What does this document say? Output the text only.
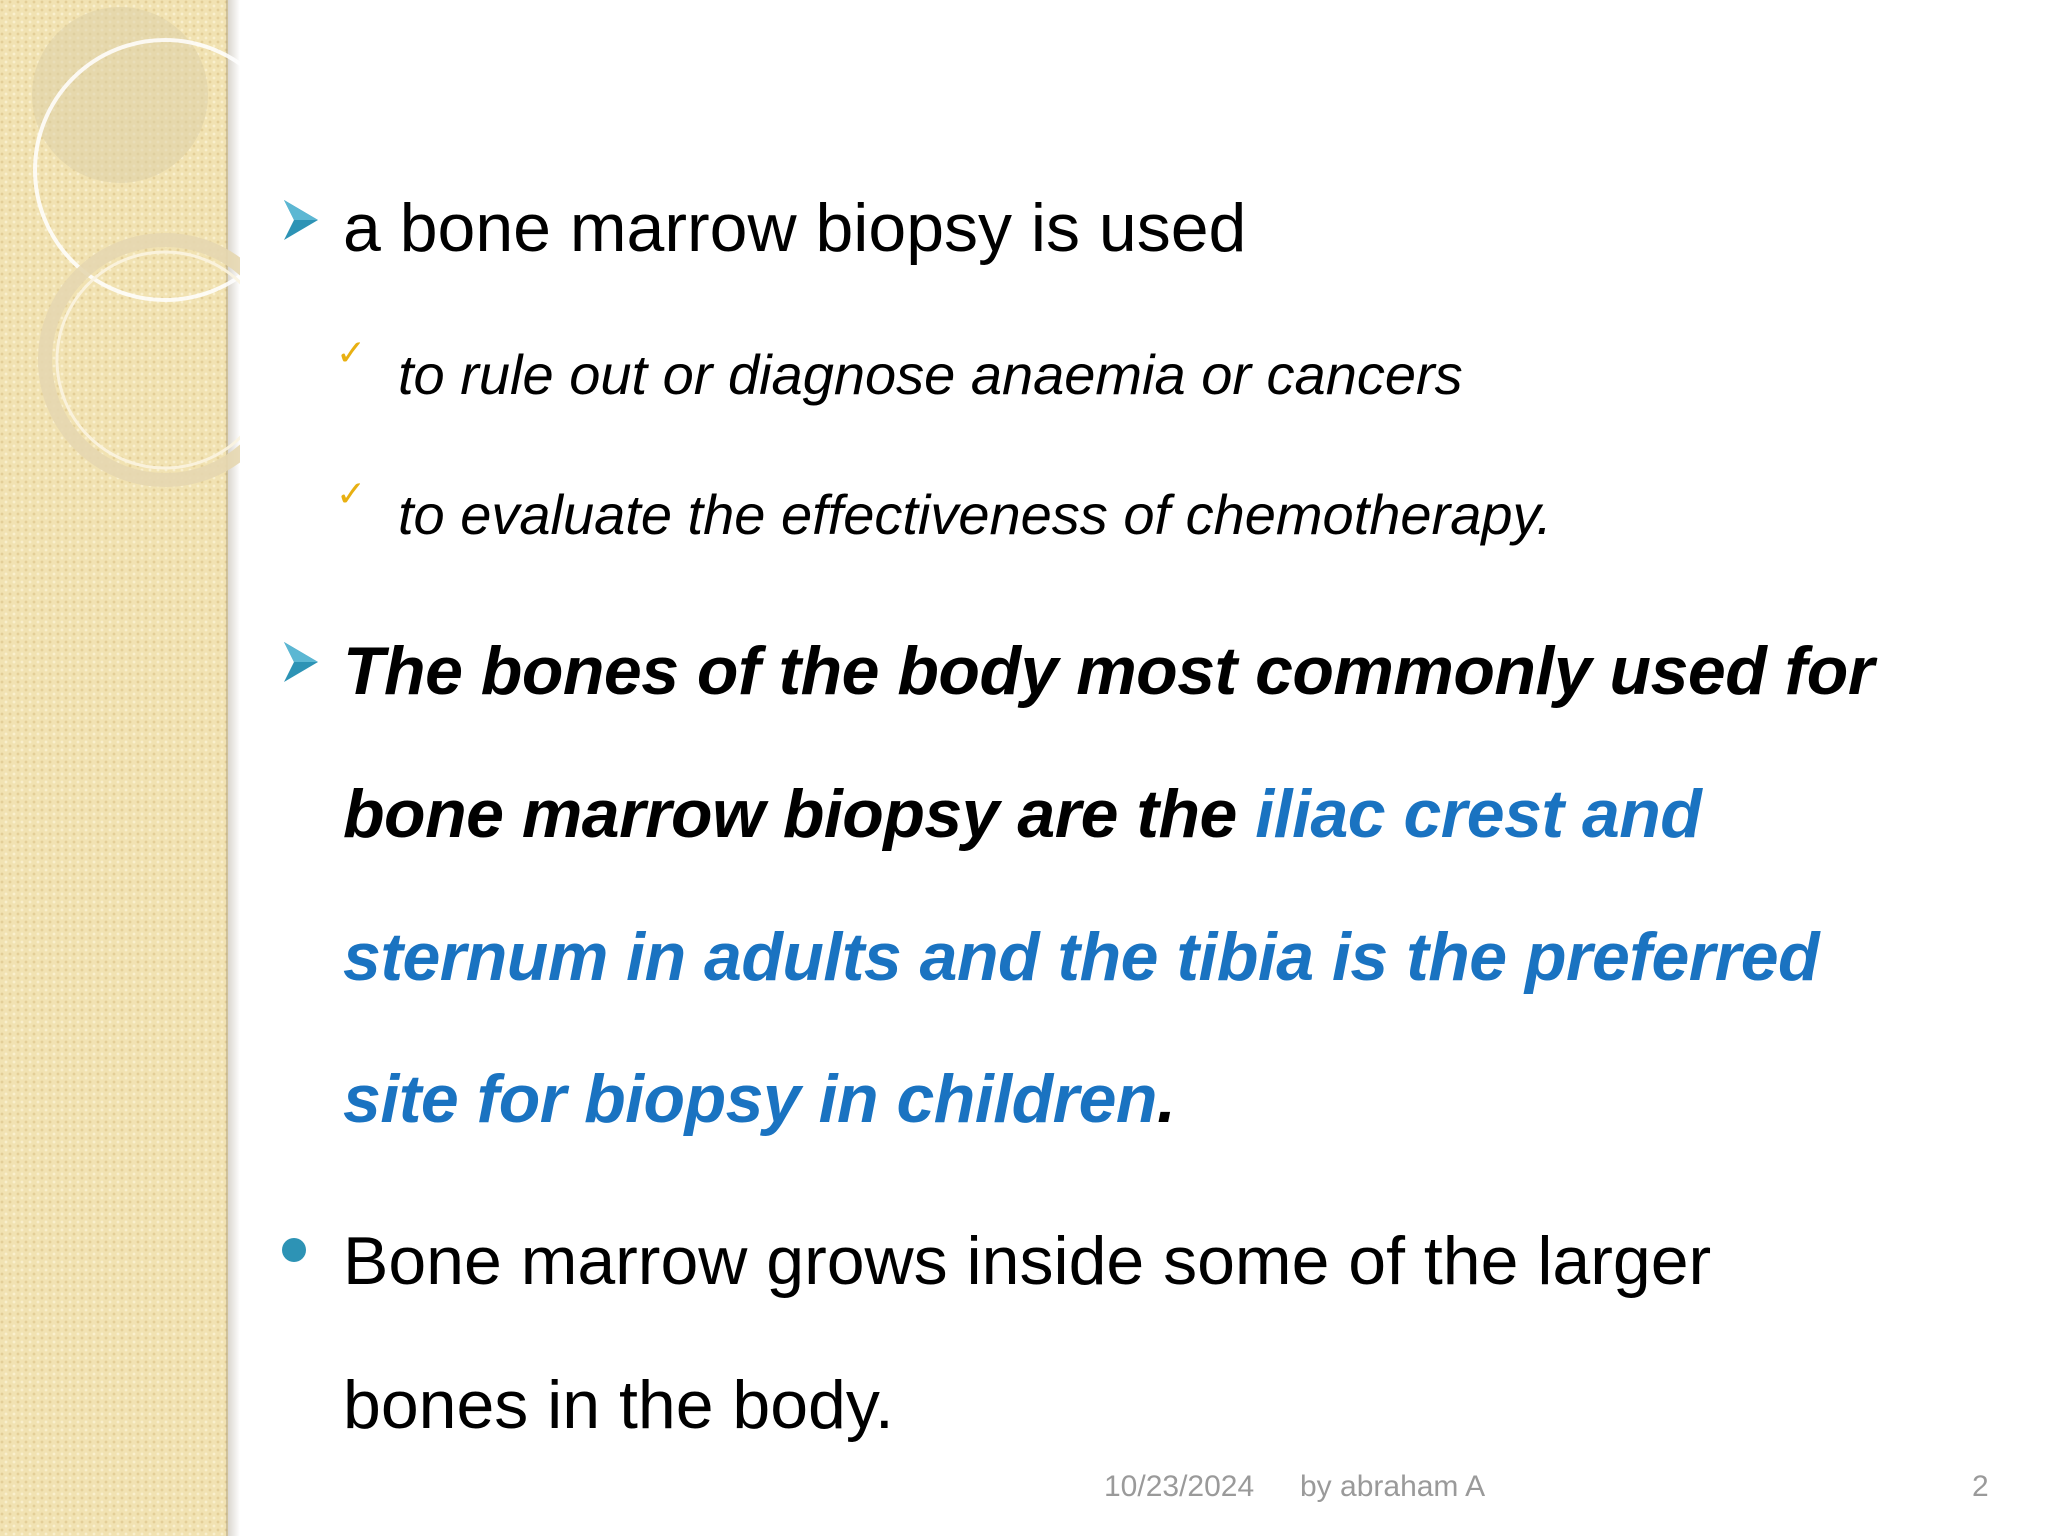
a bone marrow biopsy is used
✓ to rule out or diagnose anaemia or cancers
✓ to evaluate the effectiveness of chemotherapy.
The bones of the body most commonly used for
bone marrow biopsy are the iliac crest and
sternum in adults and the tibia is the preferred
site for biopsy in children.
Bone marrow grows inside some of the larger
bones in the body.
10/23/2024 by abraham A	2
